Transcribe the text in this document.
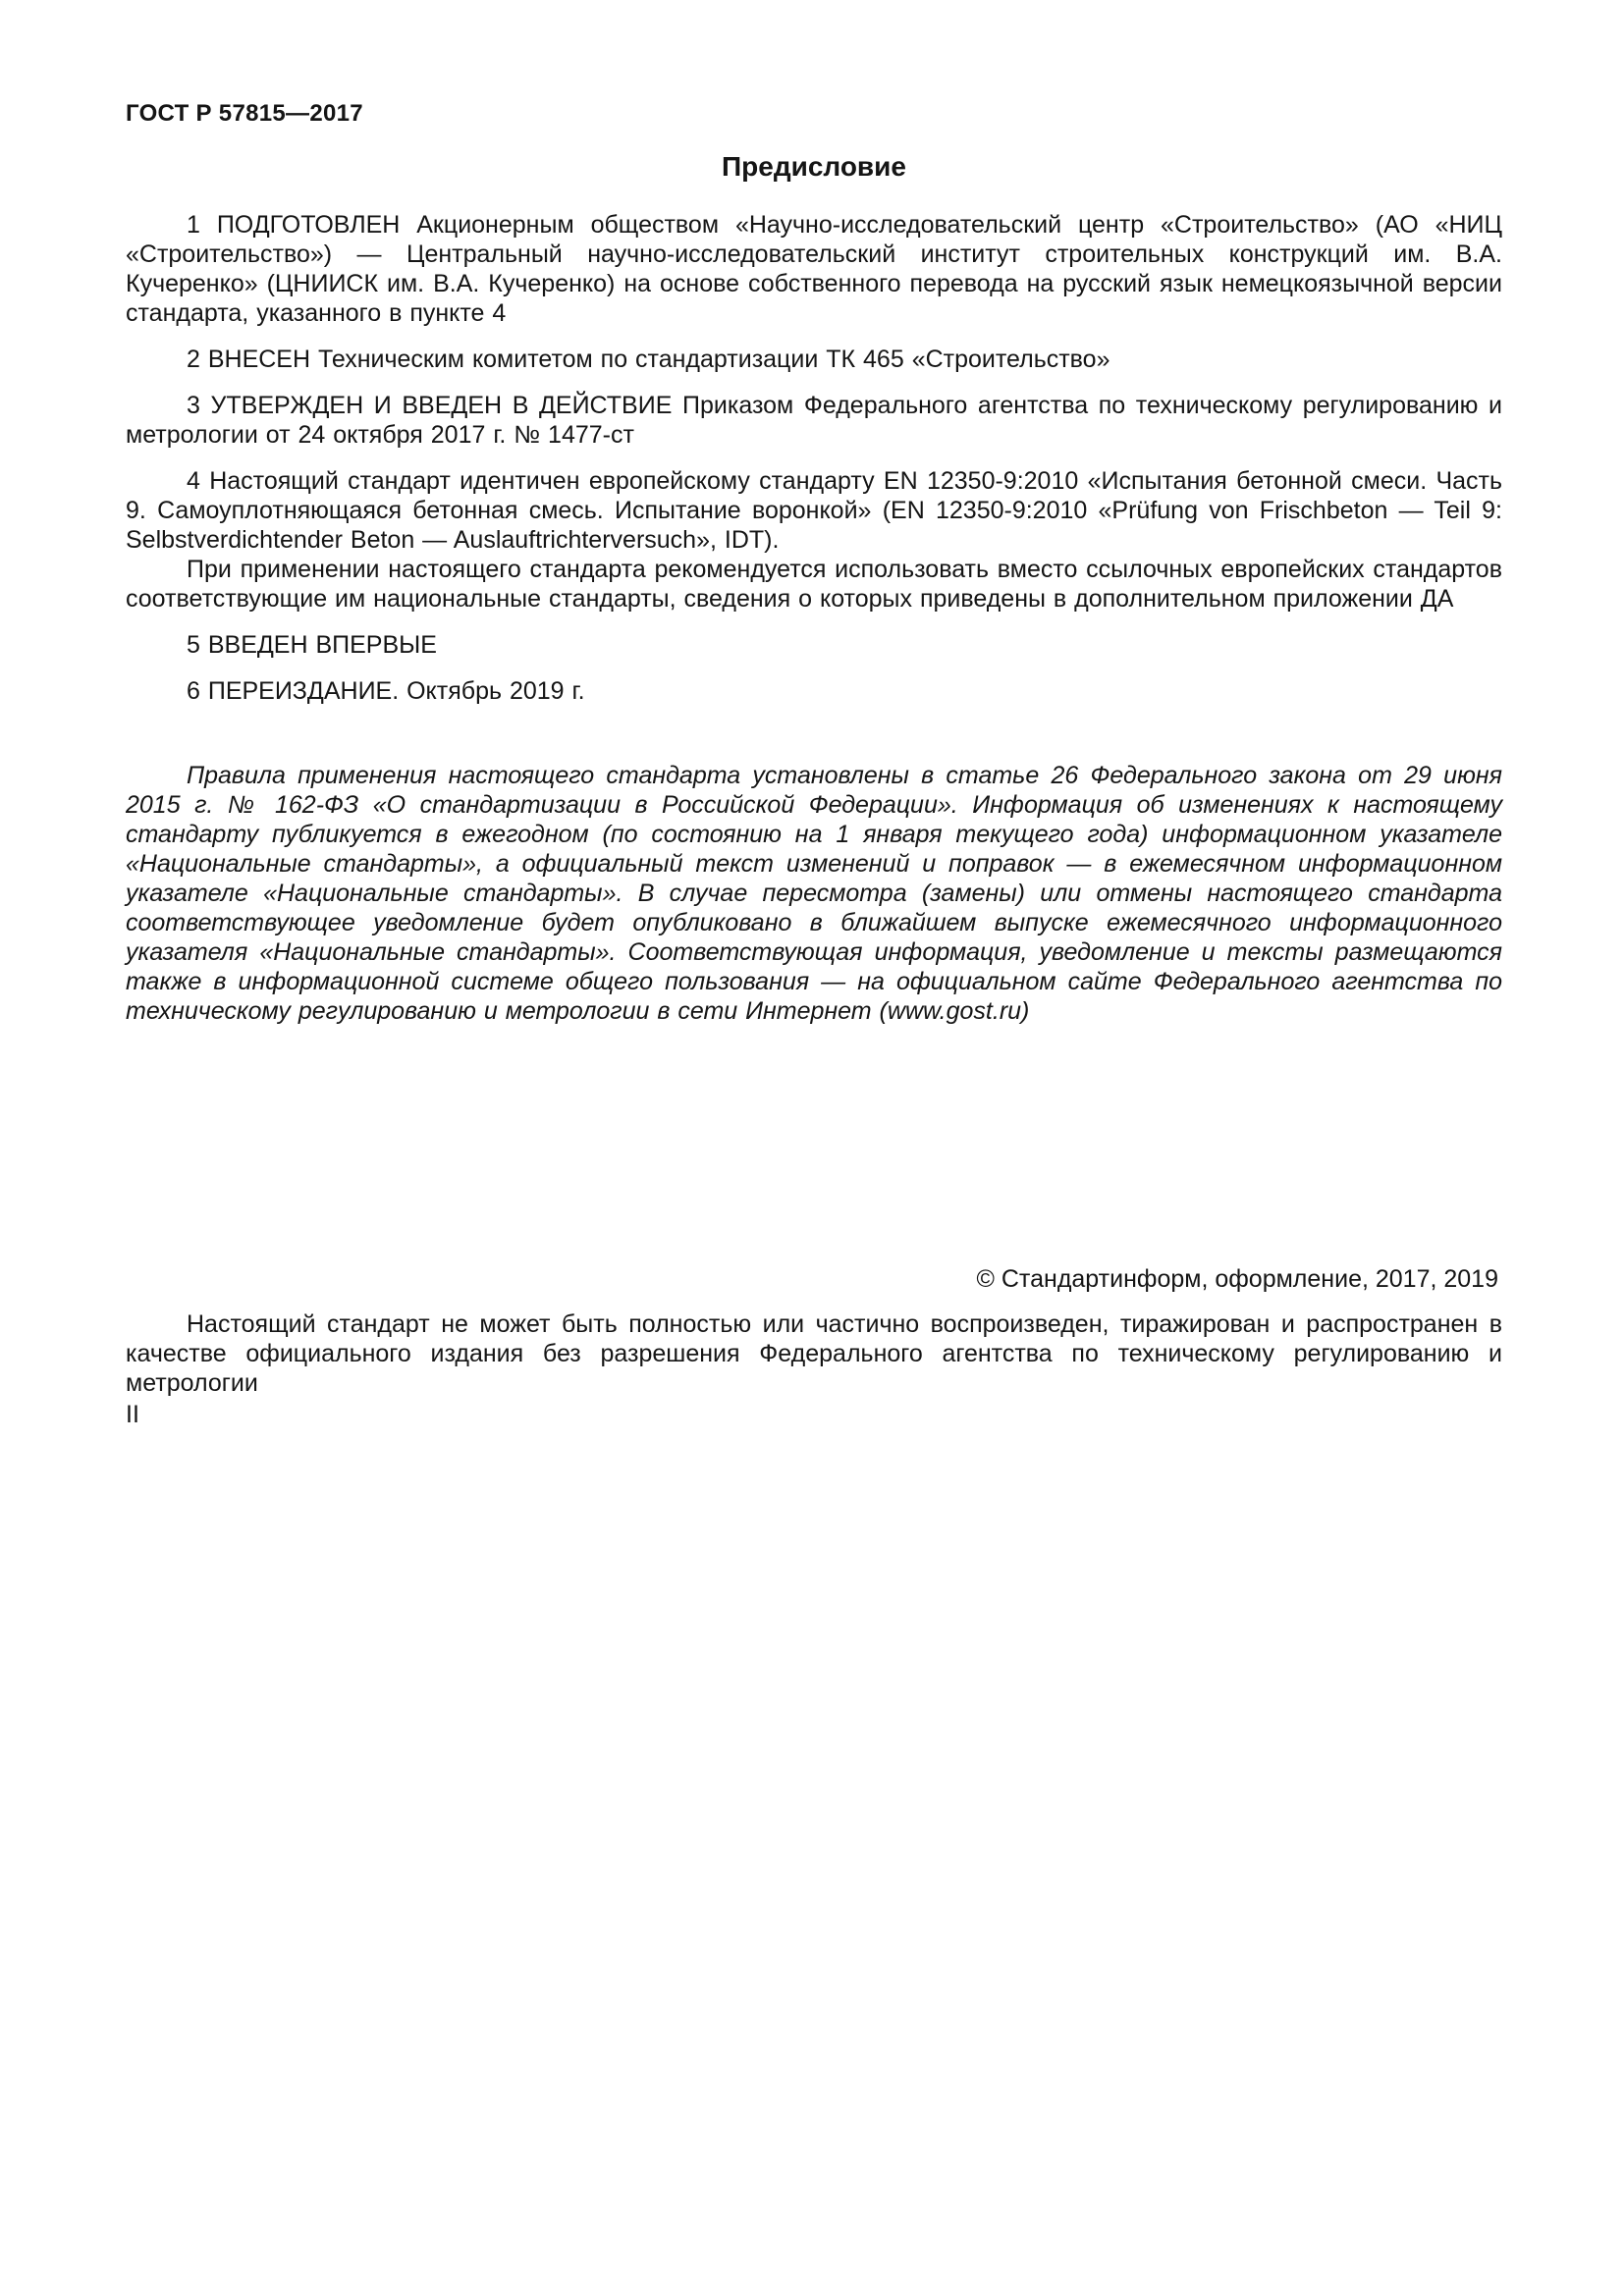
ГОСТ Р 57815—2017
Предисловие

1 ПОДГОТОВЛЕН Акционерным обществом «Научно-исследовательский центр «Строительство» (АО «НИЦ «Строительство») — Центральный научно-исследовательский институт строительных конструкций им. В.А. Кучеренко» (ЦНИИСК им. В.А. Кучеренко) на основе собственного перевода на русский язык немецкоязычной версии стандарта, указанного в пункте 4

2 ВНЕСЕН Техническим комитетом по стандартизации ТК 465 «Строительство»

3 УТВЕРЖДЕН И ВВЕДЕН В ДЕЙСТВИЕ Приказом Федерального агентства по техническому регулированию и метрологии от 24 октября 2017 г. № 1477-ст

4 Настоящий стандарт идентичен европейскому стандарту EN 12350-9:2010 «Испытания бетонной смеси. Часть 9. Самоуплотняющаяся бетонная смесь. Испытание воронкой» (EN 12350-9:2010 «Prüfung von Frischbeton — Teil 9: Selbstverdichtender Beton — Auslauftrichterversuch», IDT).

При применении настоящего стандарта рекомендуется использовать вместо ссылочных европейских стандартов соответствующие им национальные стандарты, сведения о которых приведены в дополнительном приложении ДА

5 ВВЕДЕН ВПЕРВЫЕ

6 ПЕРЕИЗДАНИЕ. Октябрь 2019 г.

Правила применения настоящего стандарта установлены в статье 26 Федерального закона от 29 июня 2015 г. № 162-ФЗ «О стандартизации в Российской Федерации». Информация об изменениях к настоящему стандарту публикуется в ежегодном (по состоянию на 1 января текущего года) информационном указателе «Национальные стандарты», а официальный текст изменений и поправок — в ежемесячном информационном указателе «Национальные стандарты». В случае пересмотра (замены) или отмены настоящего стандарта соответствующее уведомление будет опубликовано в ближайшем выпуске ежемесячного информационного указателя «Национальные стандарты». Соответствующая информация, уведомление и тексты размещаются также в информационной системе общего пользования — на официальном сайте Федерального агентства по техническому регулированию и метрологии в сети Интернет (www.gost.ru)

© Стандартинформ, оформление, 2017, 2019

Настоящий стандарт не может быть полностью или частично воспроизведен, тиражирован и распространен в качестве официального издания без разрешения Федерального агентства по техническому регулированию и метрологии

II
